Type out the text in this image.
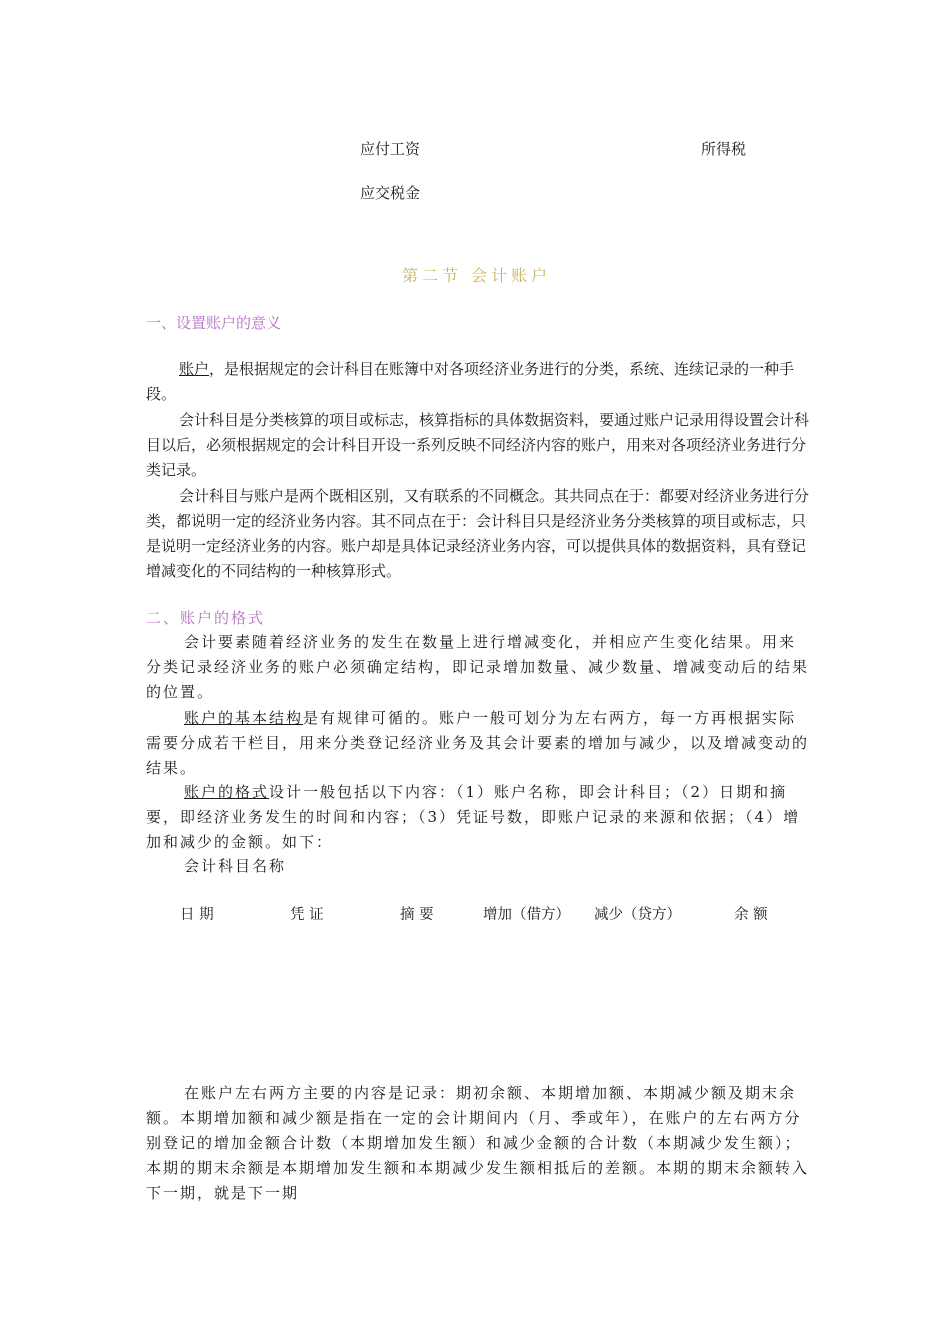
应付工资	所得税
应交税金
第二节 会计账户
一、设置账户的意义
账户，是根据规定的会计科目在账簿中对各项经济业务进行的分类，系统、连续记录的一种手段。
会计科目是分类核算的项目或标志，核算指标的具体数据资料，要通过账户记录用得设置会计科目以后，必须根据规定的会计科目开设一系列反映不同经济内容的账户，用来对各项经济业务进行分类记录。
会计科目与账户是两个既相区别，又有联系的不同概念。其共同点在于：都要对经济业务进行分类，都说明一定的经济业务内容。其不同点在于：会计科目只是经济业务分类核算的项目或标志，只是说明一定经济业务的内容。账户却是具体记录经济业务内容，可以提供具体的数据资料，具有登记增减变化的不同结构的一种核算形式。
二、账户的格式
会计要素随着经济业务的发生在数量上进行增减变化，并相应产生变化结果。用来分类记录经济业务的账户必须确定结构，即记录增加数量、减少数量、增减变动后的结果的位置。
账户的基本结构是有规律可循的。账户一般可划分为左右两方，每一方再根据实际需要分成若干栏目，用来分类登记经济业务及其会计要素的增加与减少，以及增减变动的结果。
账户的格式设计一般包括以下内容：（1）账户名称，即会计科目；（2）日期和摘要，即经济业务发生的时间和内容；（3）凭证号数，即账户记录的来源和依据；（4）增加和减少的金额。如下：
会计科目名称
日 期	凭 证	摘 要	增加（借方） 减少（贷方）	余 额
在账户左右两方主要的内容是记录：期初余额、本期增加额、本期减少额及期末余额。本期增加额和减少额是指在一定的会计期间内（月、季或年），在账户的左右两方分别登记的增加金额合计数（本期增加发生额）和减少金额的合计数（本期减少发生额）；本期的期末余额是本期增加发生额和本期减少发生额相抵后的差额。本期的期末余额转入下一期，就是下一期
